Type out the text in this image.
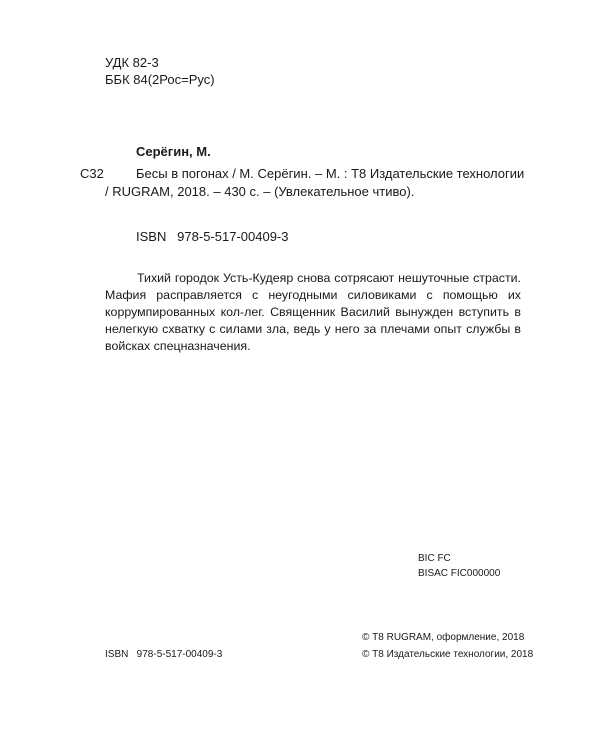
УДК 82-3
ББК 84(2Рос=Рус)
Серёгин, М.
С32 Бесы в погонах / М. Серёгин. – М. : Т8 Издательские технологии
/ RUGRAM, 2018. – 430 с. – (Увлекательное чтиво).
ISBN   978-5-517-00409-3

Тихий городок Усть-Кудеяр снова сотрясают нешуточные страсти. Мафия расправляется с неугодными силовиками с помощью их коррумпированных кол-лег. Священник Василий вынужден вступить в нелегкую схватку с силами зла, ведь у него за плечами опыт службы в войсках спецназначения.

BIC FC
BISAC FIC000000
© Т8 RUGRAM, оформление, 2018
ISBN   978-5-517-00409-3	© Т8 Издательские технологии, 2018
